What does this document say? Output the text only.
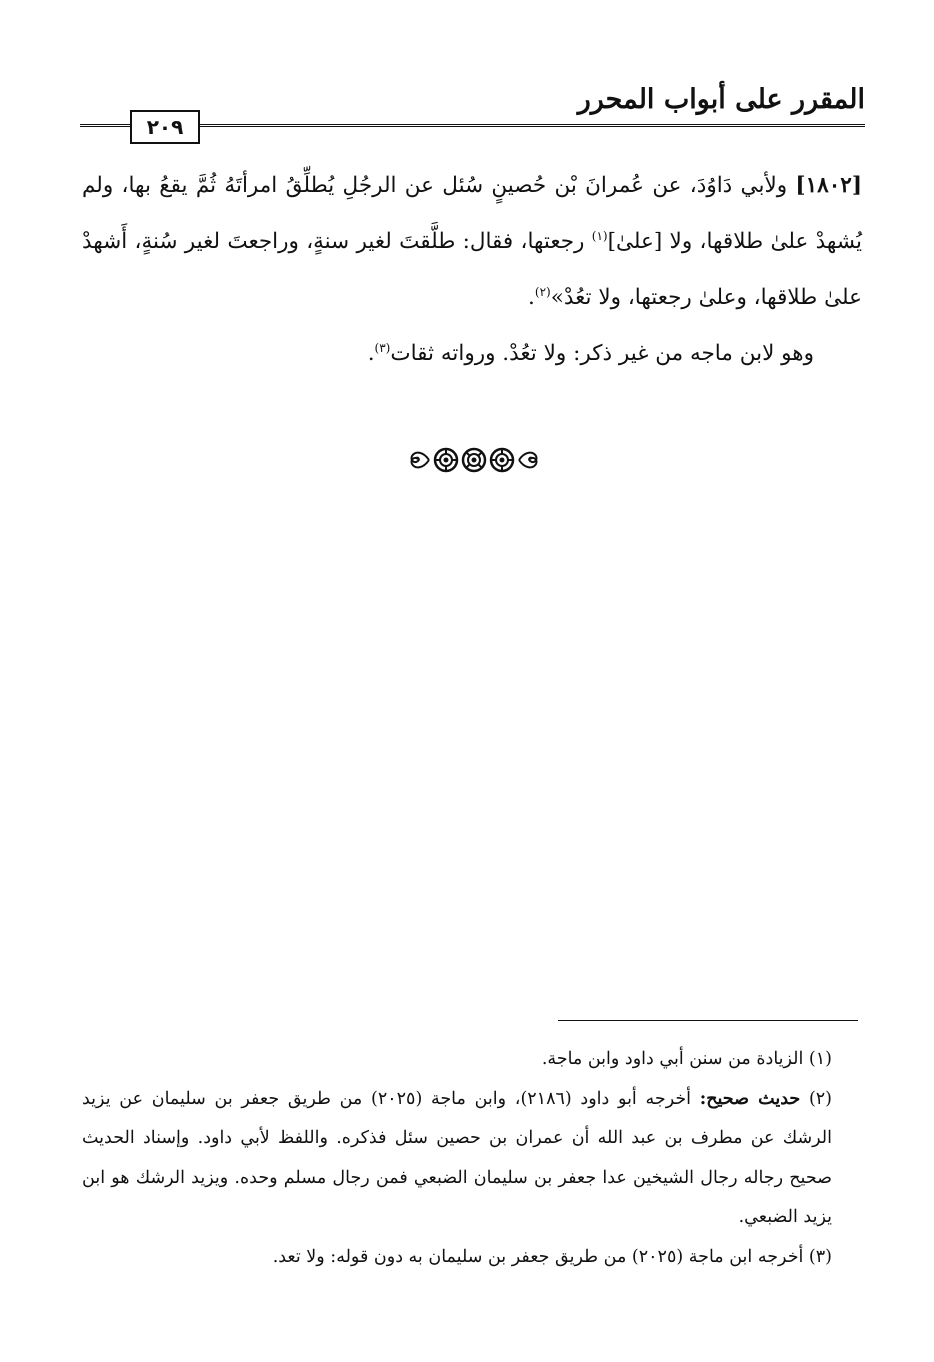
المقرر على أبواب المحرر
٢٠٩

[١٨٠٢] ولأبي دَاوُدَ، عن عُمرانَ بْن حُصينٍ سُئل عن الرجُلِ يُطلِّقُ امرأتَهُ ثُمَّ يقعُ بها، ولم يُشهدْ علىٰ طلاقها، ولا [علىٰ]$^{(١)}$ رجعتها، فقال: طلَّقتَ لغير سنةٍ، وراجعتَ لغير سُنةٍ، أَشهدْ علىٰ طلاقها، وعلىٰ رجعتها، ولا تعُدْ»$^{(٢)}$.

وهو لابن ماجه من غير ذكر: ولا تعُدْ. ورواته ثقات$^{(٣)}$.

(١) الزيادة من سنن أبي داود وابن ماجة.

(٢) حديث صحيح: أخرجه أبو داود (٢١٨٦)، وابن ماجة (٢٠٢٥) من طريق جعفر بن سليمان عن يزيد الرشك عن مطرف بن عبد الله أن عمران بن حصين سئل فذكره. واللفظ لأبي داود. وإسناد الحديث صحيح رجاله رجال الشيخين عدا جعفر بن سليمان الضبعي فمن رجال مسلم وحده. ويزيد الرشك هو ابن يزيد الضبعي.

(٣) أخرجه ابن ماجة (٢٠٢٥) من طريق جعفر بن سليمان به دون قوله: ولا تعد.
